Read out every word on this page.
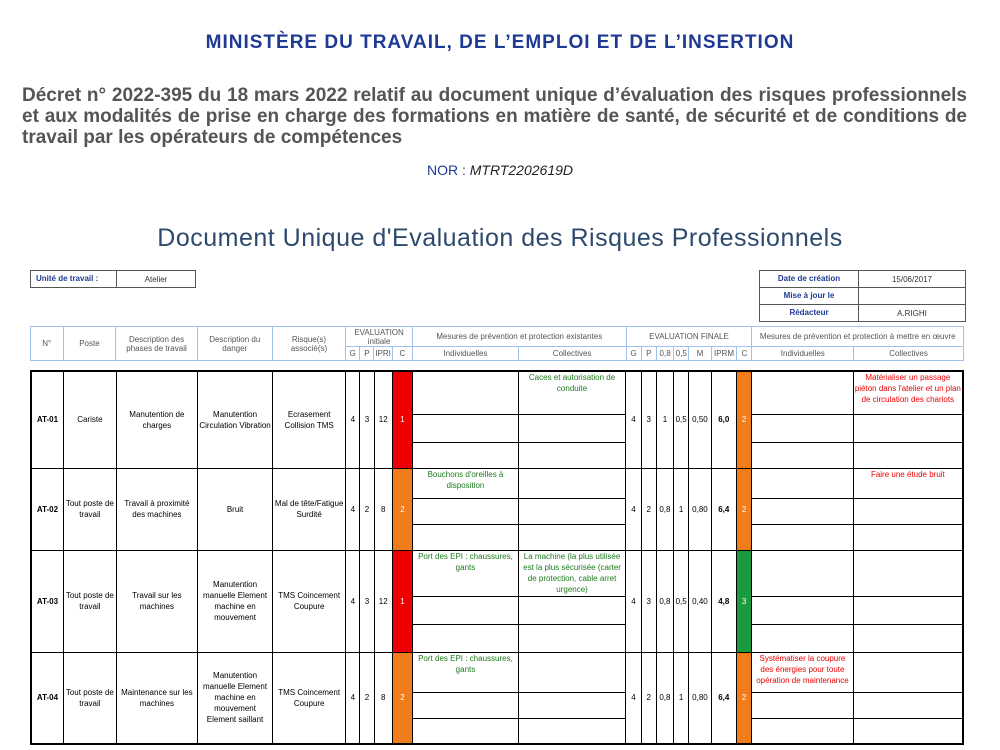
MINISTÈRE DU TRAVAIL, DE L’EMPLOI ET DE L’INSERTION
Décret n° 2022-395 du 18 mars 2022 relatif au document unique d’évaluation des risques professionnels et aux modalités de prise en charge des formations en matière de santé, de sécurité et de conditions de travail par les opérateurs de compétences
NOR : MTRT2202619D
Document Unique d'Evaluation des Risques Professionnels
Unité de travail :	Atelier	Date de création	15/06/2017
Mise à jour le
Rédacteur	A.RIGHI
N°	Poste	Description des phases de travail	Description du danger	Risque(s) associé(s)	EVALUATION initiale				Mesures de prévention et protection existantes		EVALUATION FINALE							Mesures de prévention et protection à mettre en œuvre	
					G	P	IPRI	C	Individuelles	Collectives	G	P	0,8	0,5	M	IPRM	C	Individuelles	Collectives
AT-01	Cariste	Manutention de charges	Manutention Circulation Vibration	Ecrasement Collision TMS	4	3	12	1		Caces et autorisation de conduite	4	3	1	0,5	0,50	6,0	2		Matérialiser un passage piéton dans l'atelier et un plan de circulation des chariots

AT-02	Tout poste de travail	Travail à proximité des machines	Bruit	Mal de tête/Fatigue Surdité	4	2	8	2	Bouchons d'oreilles à disposition		4	2	0,8	1	0,80	6,4	2		Faire une étude bruit

AT-03	Tout poste de travail	Travail sur les machines	Manutention manuelle Element machine en mouvement	TMS Coincement Coupure	4	3	12	1	Port des EPI : chaussures, gants	La machine (la plus utilisée est la plus sécurisée (carter de protection, cable arret urgence)	4	3	0,8	0,5	0,40	4,8	3		

AT-04	Tout poste de travail	Maintenance sur les machines	Manutention manuelle Element machine en mouvement Element saillant	TMS Coincement Coupure	4	2	8	2	Port des EPI : chaussures, gants		4	2	0,8	1	0,80	6,4	2	Systématiser la coupure des énergies pour toute opération de maintenance	
